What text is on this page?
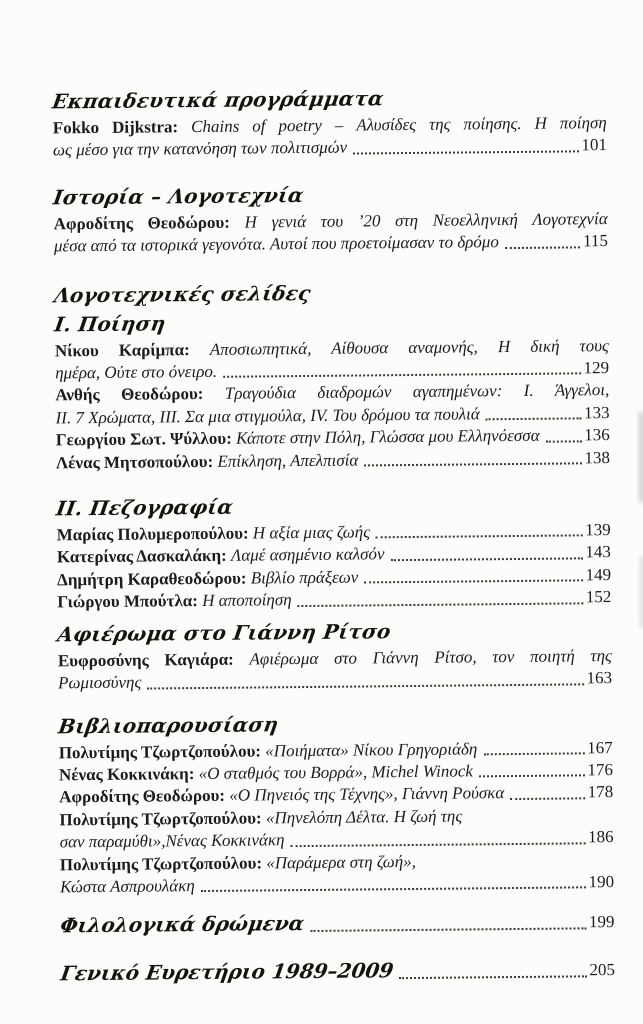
Εκπαιδευτικά προγράμματα
Fokko Dijkstra: Chains of poetry – Αλυσίδες της ποίησης. Η ποίηση
ως μέσο για την κατανόηση των πολιτισμών	101
Ιστορία – Λογοτεχνία
Αφροδίτης Θεοδώρου: Η γενιά του ’20 στη Νεοελληνική Λογοτεχνία
μέσα από τα ιστορικά γεγονότα. Αυτοί που προετοίμασαν το δρόμο	115
Λογοτεχνικές σελίδες
Ι. Ποίηση
Νίκου Καρίμπα: Αποσιωπητικά, Αίθουσα αναμονής, Η δική τους
ημέρα, Ούτε στο όνειρο.	129
Ανθής Θεοδώρου: Τραγούδια διαδρομών αγαπημένων: Ι. Άγγελοι,
ΙΙ. 7 Χρώματα, ΙΙΙ. Σα μια στιγμούλα, IV. Του δρόμου τα πουλιά	133
Γεωργίου Σωτ. Ψύλλου: Κάποτε στην Πόλη, Γλώσσα μου Ελληνόεσσα	136
Λένας Μητσοπούλου: Επίκληση, Απελπισία	138
ΙΙ. Πεζογραφία
Μαρίας Πολυμεροπούλου: Η αξία μιας ζωής	139
Κατερίνας Δασκαλάκη: Λαμέ ασημένιο καλσόν	143
Δημήτρη Καραθεοδώρου: Βιβλίο πράξεων	149
Γιώργου Μπούτλα: Η αποποίηση	152
Αφιέρωμα στο Γιάννη Ρίτσο
Ευφροσύνης Καγιάρα: Αφιέρωμα στο Γιάννη Ρίτσο, τον ποιητή της
Ρωμιοσύνης	163
Βιβλιοπαρουσίαση
Πολυτίμης Τζωρτζοπούλου: «Ποιήματα» Νίκου Γρηγοριάδη	167
Νένας Κοκκινάκη: «Ο σταθμός του Βορρά», Michel Winock	176
Αφροδίτης Θεοδώρου: «Ο Πηνειός της Τέχνης», Γιάννη Ρούσκα	178
Πολυτίμης Τζωρτζοπούλου: «Πηνελόπη Δέλτα. Η ζωή της
σαν παραμύθι»,Νένας Κοκκινάκη	186
Πολυτίμης Τζωρτζοπούλου: «Παράμερα στη ζωή»,
Κώστα Ασπρουλάκη	190
Φιλολογικά δρώμενα	199
Γενικό Ευρετήριο 1989–2009	205
